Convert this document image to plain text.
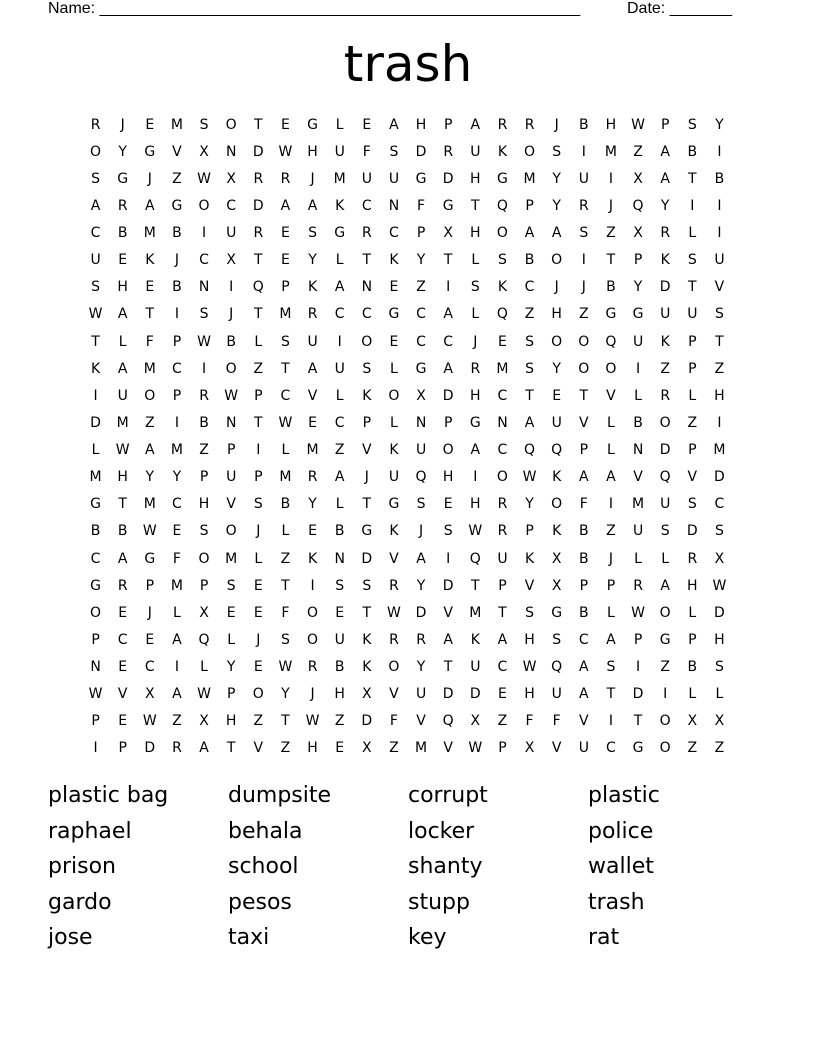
Name: ______________________________________________________	Date: _______
trash
R	J	E	M	S	O	T	E	G	L	E	A	H	P	A	R	R	J	B	H	W	P	S	Y
O	Y	G	V	X	N	D	W	H	U	F	S	D	R	U	K	O	S	I	M	Z	A	B	I
S	G	J	Z	W	X	R	R	J	M	U	U	G	D	H	G	M	Y	U	I	X	A	T	B
A	R	A	G	O	C	D	A	A	K	C	N	F	G	T	Q	P	Y	R	J	Q	Y	I	I
C	B	M	B	I	U	R	E	S	G	R	C	P	X	H	O	A	A	S	Z	X	R	L	I
U	E	K	J	C	X	T	E	Y	L	T	K	Y	T	L	S	B	O	I	T	P	K	S	U
S	H	E	B	N	I	Q	P	K	A	N	E	Z	I	S	K	C	J	J	B	Y	D	T	V
W	A	T	I	S	J	T	M	R	C	C	G	C	A	L	Q	Z	H	Z	G	G	U	U	S
T	L	F	P	W	B	L	S	U	I	O	E	C	C	J	E	S	O	O	Q	U	K	P	T
K	A	M	C	I	O	Z	T	A	U	S	L	G	A	R	M	S	Y	O	O	I	Z	P	Z
I	U	O	P	R	W	P	C	V	L	K	O	X	D	H	C	T	E	T	V	L	R	L	H
D	M	Z	I	B	N	T	W	E	C	P	L	N	P	G	N	A	U	V	L	B	O	Z	I
L	W	A	M	Z	P	I	L	M	Z	V	K	U	O	A	C	Q	Q	P	L	N	D	P	M
M	H	Y	Y	P	U	P	M	R	A	J	U	Q	H	I	O	W	K	A	A	V	Q	V	D
G	T	M	C	H	V	S	B	Y	L	T	G	S	E	H	R	Y	O	F	I	M	U	S	C
B	B	W	E	S	O	J	L	E	B	G	K	J	S	W	R	P	K	B	Z	U	S	D	S
C	A	G	F	O	M	L	Z	K	N	D	V	A	I	Q	U	K	X	B	J	L	L	R	X
G	R	P	M	P	S	E	T	I	S	S	R	Y	D	T	P	V	X	P	P	R	A	H	W
O	E	J	L	X	E	E	F	O	E	T	W	D	V	M	T	S	G	B	L	W	O	L	D
P	C	E	A	Q	L	J	S	O	U	K	R	R	A	K	A	H	S	C	A	P	G	P	H
N	E	C	I	L	Y	E	W	R	B	K	O	Y	T	U	C	W	Q	A	S	I	Z	B	S
W	V	X	A	W	P	O	Y	J	H	X	V	U	D	D	E	H	U	A	T	D	I	L	L
P	E	W	Z	X	H	Z	T	W	Z	D	F	V	Q	X	Z	F	F	V	I	T	O	X	X
I	P	D	R	A	T	V	Z	H	E	X	Z	M	V	W	P	X	V	U	C	G	O	Z	Z
plastic bag	dumpsite	corrupt	plastic
raphael	behala	locker	police
prison	school	shanty	wallet
gardo	pesos	stupp	trash
jose	taxi	key	rat
